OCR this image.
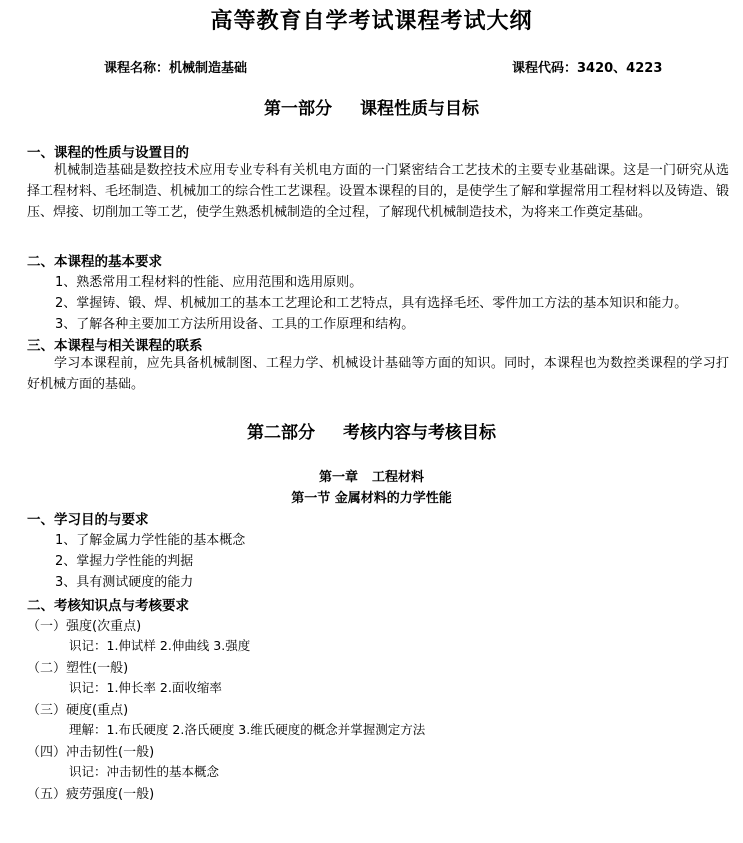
高等教育自学考试课程考试大纲
课程名称：机械制造基础	课程代码：3420、4223
第一部分 课程性质与目标
一、课程的性质与设置目的
机械制造基础是数控技术应用专业专科有关机电方面的一门紧密结合工艺技术的主要专业基础课。这是一门研究从选择工程材料、毛坯制造、机械加工的综合性工艺课程。设置本课程的目的，是使学生了解和掌握常用工程材料以及铸造、锻压、焊接、切削加工等工艺，使学生熟悉机械制造的全过程，了解现代机械制造技术，为将来工作奠定基础。
二、本课程的基本要求
1、熟悉常用工程材料的性能、应用范围和选用原则。
2、掌握铸、锻、焊、机械加工的基本工艺理论和工艺特点，具有选择毛坯、零件加工方法的基本知识和能力。
3、了解各种主要加工方法所用设备、工具的工作原理和结构。
三、本课程与相关课程的联系
学习本课程前，应先具备机械制图、工程力学、机械设计基础等方面的知识。同时，本课程也为数控类课程的学习打好机械方面的基础。
第二部分 考核内容与考核目标
第一章 工程材料
第一节 金属材料的力学性能
一、学习目的与要求
1、了解金属力学性能的基本概念
2、掌握力学性能的判据
3、具有测试硬度的能力
二、考核知识点与考核要求
（一）强度(次重点)
识记：1.伸试样 2.伸曲线 3.强度
（二）塑性(一般)
识记：1.伸长率 2.面收缩率
（三）硬度(重点)
理解：1.布氏硬度 2.洛氏硬度 3.维氏硬度的概念并掌握测定方法
（四）冲击韧性(一般)
识记：冲击韧性的基本概念
（五）疲劳强度(一般)
